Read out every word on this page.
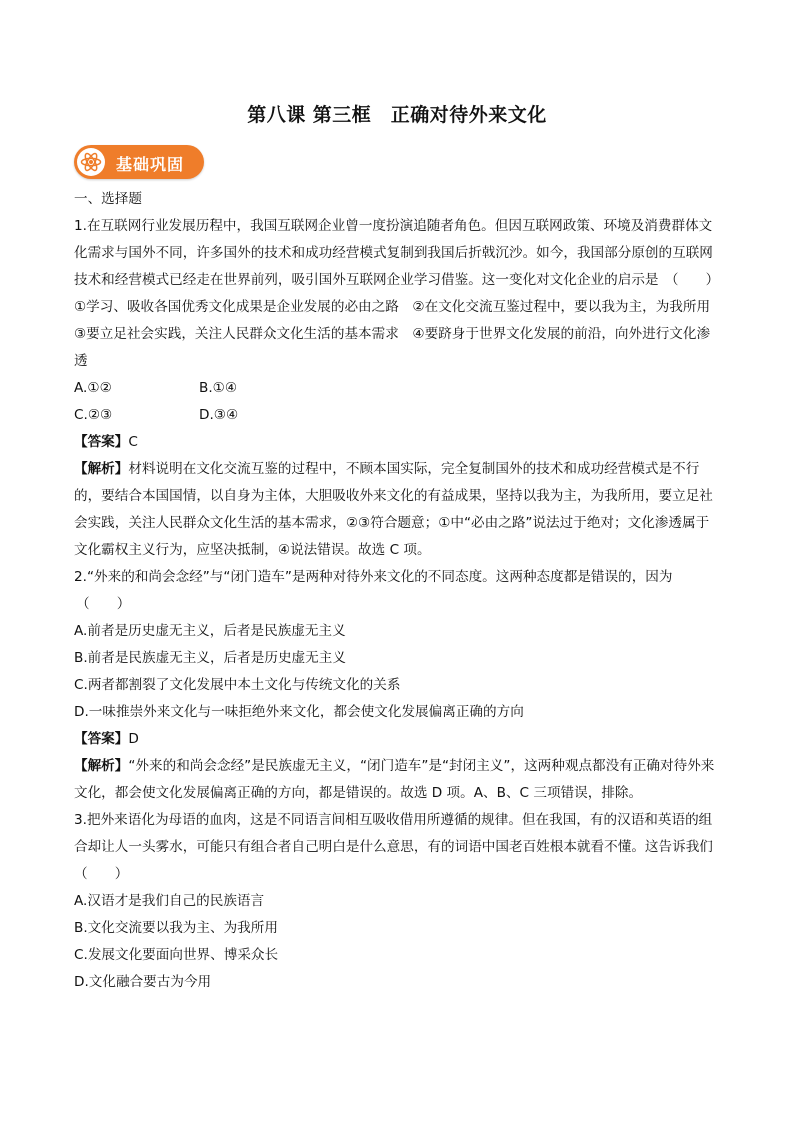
第八课 第三框　正确对待外来文化
基础巩固

一、选择题

1.在互联网行业发展历程中，我国互联网企业曾一度扮演追随者角色。但因互联网政策、环境及消费群体文化需求与国外不同，许多国外的技术和成功经营模式复制到我国后折戟沉沙。如今，我国部分原创的互联网技术和经营模式已经走在世界前列，吸引国外互联网企业学习借鉴。这一变化对文化企业的启示是 （　　）

①学习、吸收各国优秀文化成果是企业发展的必由之路　②在文化交流互鉴过程中，要以我为主，为我所用　③要立足社会实践，关注人民群众文化生活的基本需求　④要跻身于世界文化发展的前沿，向外进行文化渗透

A.①②	B.①④
C.②③	D.③④

【答案】C

【解析】材料说明在文化交流互鉴的过程中，不顾本国实际，完全复制国外的技术和成功经营模式是不行的，要结合本国国情，以自身为主体，大胆吸收外来文化的有益成果，坚持以我为主，为我所用，要立足社会实践，关注人民群众文化生活的基本需求，②③符合题意；①中“必由之路”说法过于绝对；文化渗透属于文化霸权主义行为，应坚决抵制，④说法错误。故选 C 项。

2.“外来的和尚会念经”与“闭门造车”是两种对待外来文化的不同态度。这两种态度都是错误的，因为 （　　）

A.前者是历史虚无主义，后者是民族虚无主义

B.前者是民族虚无主义，后者是历史虚无主义

C.两者都割裂了文化发展中本土文化与传统文化的关系

D.一味推崇外来文化与一味拒绝外来文化，都会使文化发展偏离正确的方向

【答案】D

【解析】“外来的和尚会念经”是民族虚无主义，“闭门造车”是“封闭主义”，这两种观点都没有正确对待外来文化，都会使文化发展偏离正确的方向，都是错误的。故选 D 项。A、B、C 三项错误，排除。

3.把外来语化为母语的血肉，这是不同语言间相互吸收借用所遵循的规律。但在我国，有的汉语和英语的组合却让人一头雾水，可能只有组合者自己明白是什么意思，有的词语中国老百姓根本就看不懂。这告诉我们（　　）

A.汉语才是我们自己的民族语言

B.文化交流要以我为主、为我所用

C.发展文化要面向世界、博采众长

D.文化融合要古为今用
